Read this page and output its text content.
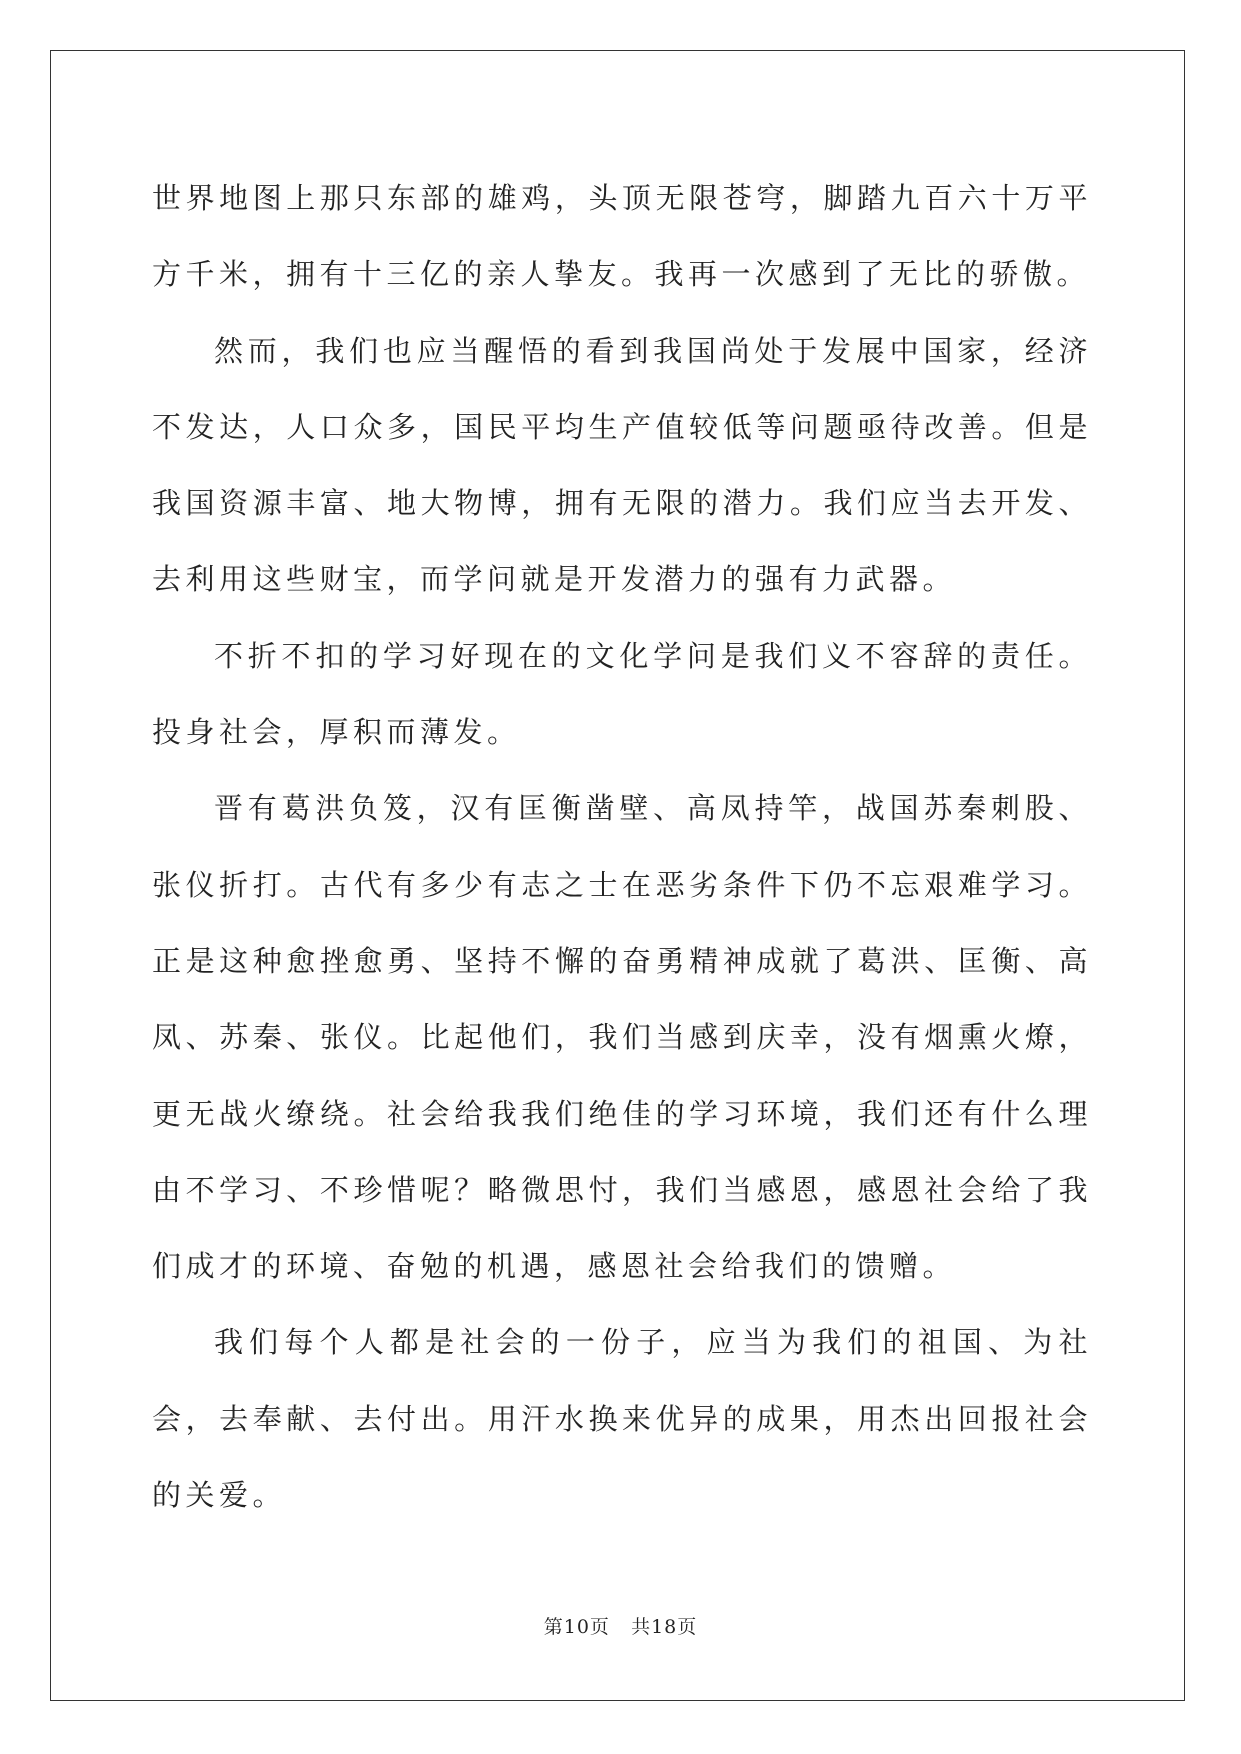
世界地图上那只东部的雄鸡，头顶无限苍穹，脚踏九百六十万平方千米，拥有十三亿的亲人挚友。我再一次感到了无比的骄傲。

然而，我们也应当醒悟的看到我国尚处于发展中国家，经济不发达，人口众多，国民平均生产值较低等问题亟待改善。但是我国资源丰富、地大物博，拥有无限的潜力。我们应当去开发、去利用这些财宝，而学问就是开发潜力的强有力武器。

不折不扣的学习好现在的文化学问是我们义不容辞的责任。投身社会，厚积而薄发。

晋有葛洪负笈，汉有匡衡凿壁、高凤持竿，战国苏秦刺股、张仪折打。古代有多少有志之士在恶劣条件下仍不忘艰难学习。正是这种愈挫愈勇、坚持不懈的奋勇精神成就了葛洪、匡衡、高凤、苏秦、张仪。比起他们，我们当感到庆幸，没有烟熏火燎，更无战火缭绕。社会给我我们绝佳的学习环境，我们还有什么理由不学习、不珍惜呢？略微思忖，我们当感恩，感恩社会给了我们成才的环境、奋勉的机遇，感恩社会给我们的馈赠。

我们每个人都是社会的一份子，应当为我们的祖国、为社会，去奉献、去付出。用汗水换来优异的成果，用杰出回报社会的关爱。

第10页 共18页
